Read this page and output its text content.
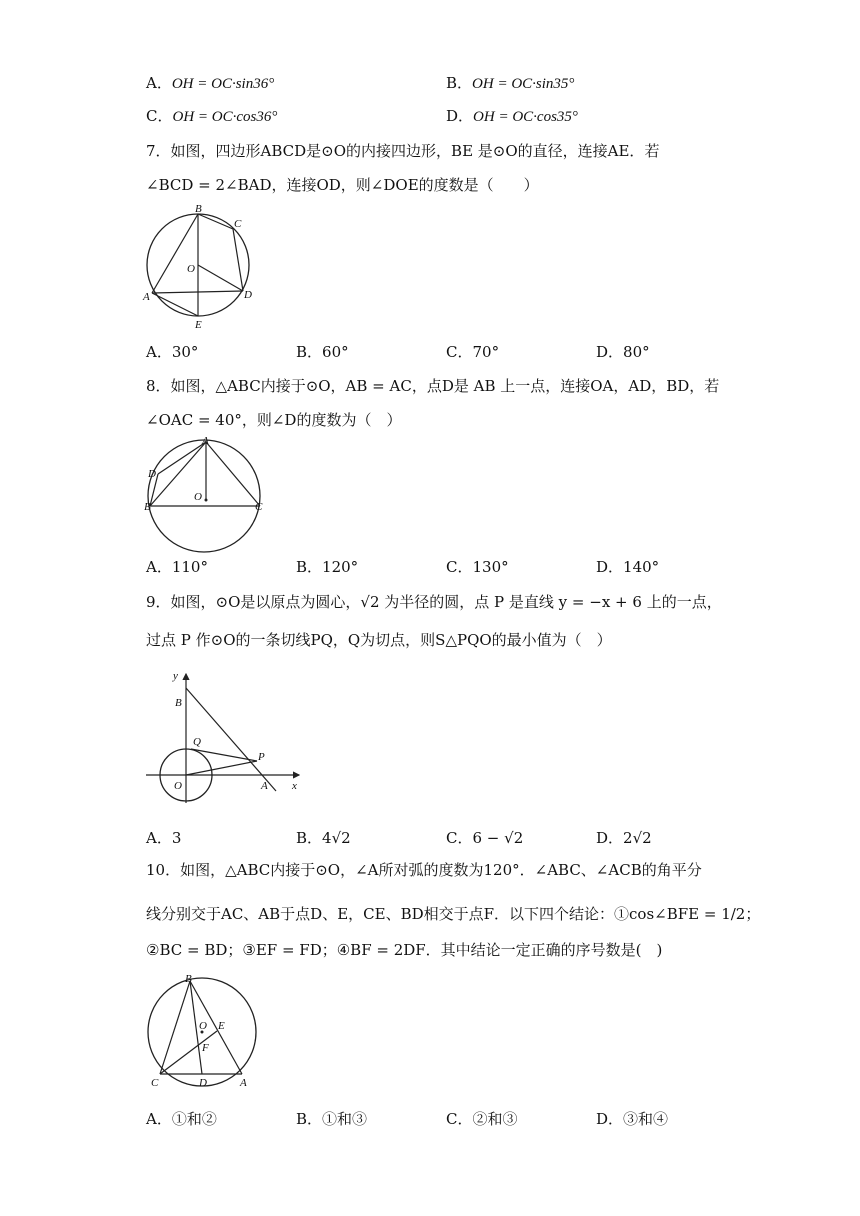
A．OH = OC·sin36°	B．OH = OC·sin35°
C．OH = OC·cos36°	D．OH = OC·cos35°
7．如图，四边形ABCD是⊙O的内接四边形，BE 是⊙O的直径，连接AE．若
∠BCD = 2∠BAD，连接OD，则∠DOE的度数是（　　）
B
C
O
A	D
E
A．30°	B．60°	C．70°	D．80°
8．如图，△ABC内接于⊙O，AB = AC，点D是 AB 上一点，连接OA，AD，BD，若
∠OAC = 40°，则∠D的度数为（　）
A
D
B
O
C
A．110°	B．120°	C．130°	D．140°
9．如图，⊙O是以原点为圆心，√2 为半径的圆，点 P 是直线 y = −x + 6 上的一点，
过点 P 作⊙O的一条切线PQ，Q为切点，则S△PQO的最小值为（　）
y
B
Q
P
O	A x
A．3	B．4√2	C．6 − √2	D．2√2
10．如图，△ABC内接于⊙O，∠A所对弧的度数为120°．∠ABC、∠ACB的角平分
线分别交于AC、AB于点D、E，CE、BD相交于点F．以下四个结论：①cos∠BFE = 1/2；
②BC = BD；③EF = FD；④BF = 2DF．其中结论一定正确的序号数是(　)
B
O E
F
C	D	A
A．①和②	B．①和③	C．②和③	D．③和④
